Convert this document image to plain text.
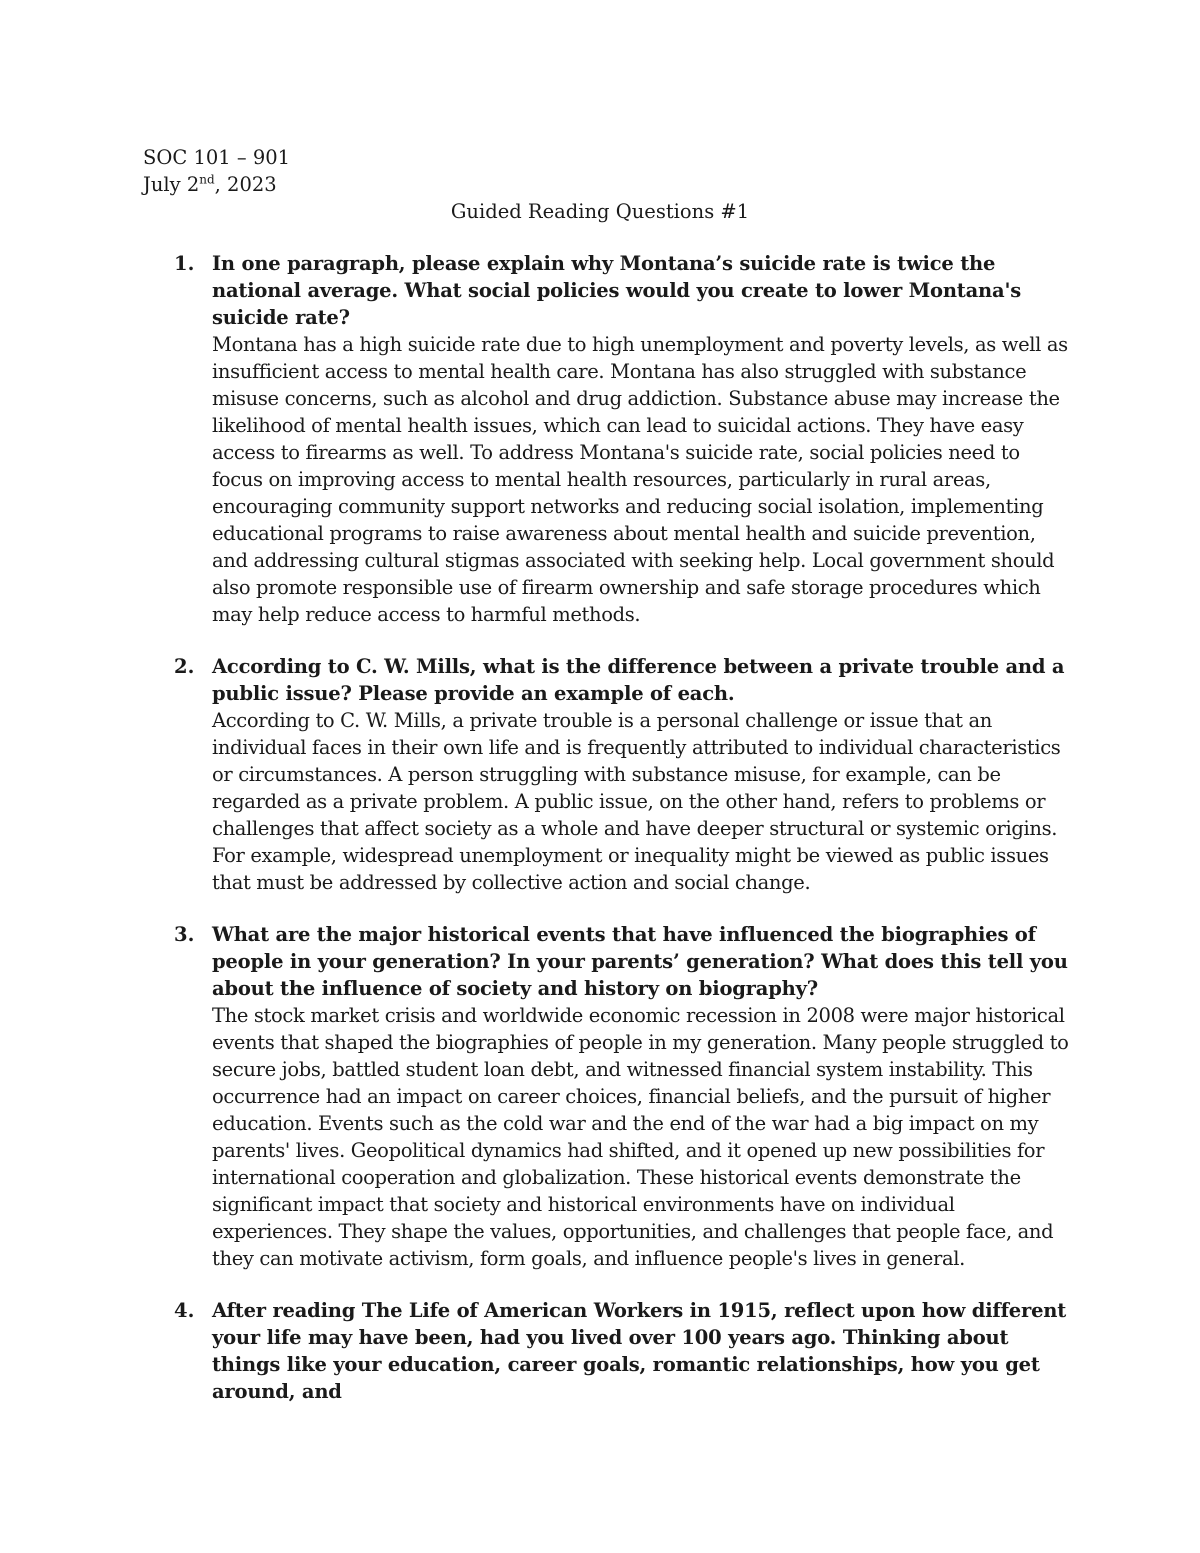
SOC 101 – 901
July 2nd, 2023
Guided Reading Questions #1
1. In one paragraph, please explain why Montana’s suicide rate is twice the national average. What social policies would you create to lower Montana's suicide rate?

Montana has a high suicide rate due to high unemployment and poverty levels, as well as insufficient access to mental health care. Montana has also struggled with substance misuse concerns, such as alcohol and drug addiction. Substance abuse may increase the likelihood of mental health issues, which can lead to suicidal actions. They have easy access to firearms as well. To address Montana's suicide rate, social policies need to focus on improving access to mental health resources, particularly in rural areas, encouraging community support networks and reducing social isolation, implementing educational programs to raise awareness about mental health and suicide prevention, and addressing cultural stigmas associated with seeking help. Local government should also promote responsible use of firearm ownership and safe storage procedures which may help reduce access to harmful methods.

2. According to C. W. Mills, what is the difference between a private trouble and a public issue? Please provide an example of each.

According to C. W. Mills, a private trouble is a personal challenge or issue that an individual faces in their own life and is frequently attributed to individual characteristics or circumstances. A person struggling with substance misuse, for example, can be regarded as a private problem. A public issue, on the other hand, refers to problems or challenges that affect society as a whole and have deeper structural or systemic origins. For example, widespread unemployment or inequality might be viewed as public issues that must be addressed by collective action and social change.

3. What are the major historical events that have influenced the biographies of people in your generation? In your parents’ generation? What does this tell you about the influence of society and history on biography?

The stock market crisis and worldwide economic recession in 2008 were major historical events that shaped the biographies of people in my generation. Many people struggled to secure jobs, battled student loan debt, and witnessed financial system instability. This occurrence had an impact on career choices, financial beliefs, and the pursuit of higher education. Events such as the cold war and the end of the war had a big impact on my parents' lives. Geopolitical dynamics had shifted, and it opened up new possibilities for international cooperation and globalization. These historical events demonstrate the significant impact that society and historical environments have on individual experiences. They shape the values, opportunities, and challenges that people face, and they can motivate activism, form goals, and influence people's lives in general.

4. After reading The Life of American Workers in 1915, reflect upon how different your life may have been, had you lived over 100 years ago. Thinking about things like your education, career goals, romantic relationships, how you get around, and
